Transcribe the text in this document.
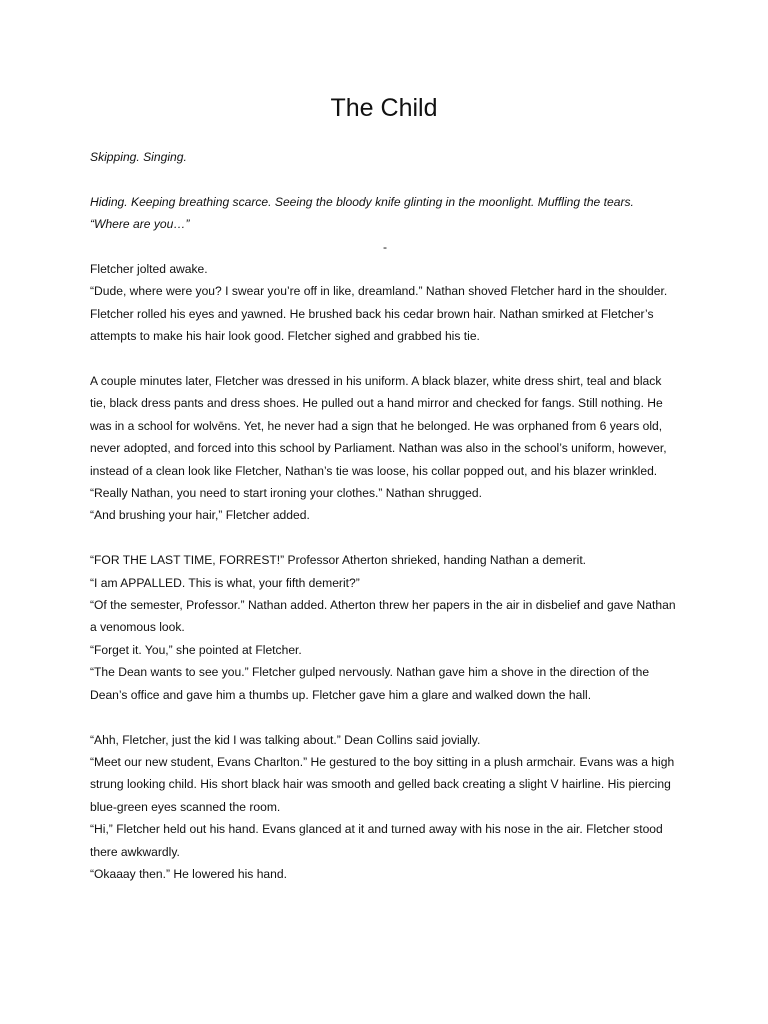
The Child

Skipping. Singing.

Hiding. Keeping breathing scarce. Seeing the bloody knife glinting in the moonlight. Muffling the tears.

“Where are you…”

-

Fletcher jolted awake.

“Dude, where were you? I swear you’re off in like, dreamland.” Nathan shoved Fletcher hard in the shoulder. Fletcher rolled his eyes and yawned. He brushed back his cedar brown hair. Nathan smirked at Fletcher’s attempts to make his hair look good. Fletcher sighed and grabbed his tie.

A couple minutes later, Fletcher was dressed in his uniform. A black blazer, white dress shirt, teal and black tie, black dress pants and dress shoes. He pulled out a hand mirror and checked for fangs. Still nothing. He was in a school for wolvēns. Yet, he never had a sign that he belonged. He was orphaned from 6 years old, never adopted, and forced into this school by Parliament. Nathan was also in the school’s uniform, however, instead of a clean look like Fletcher, Nathan’s tie was loose, his collar popped out, and his blazer wrinkled.

“Really Nathan, you need to start ironing your clothes.” Nathan shrugged.

“And brushing your hair,” Fletcher added.

“FOR THE LAST TIME, FORREST!” Professor Atherton shrieked, handing Nathan a demerit.

“I am APPALLED. This is what, your fifth demerit?”

“Of the semester, Professor.” Nathan added. Atherton threw her papers in the air in disbelief and gave Nathan a venomous look.

“Forget it. You,” she pointed at Fletcher.

“The Dean wants to see you.” Fletcher gulped nervously. Nathan gave him a shove in the direction of the Dean’s office and gave him a thumbs up. Fletcher gave him a glare and walked down the hall.

“Ahh, Fletcher, just the kid I was talking about.” Dean Collins said jovially.

“Meet our new student, Evans Charlton.” He gestured to the boy sitting in a plush armchair. Evans was a high strung looking child. His short black hair was smooth and gelled back creating a slight V hairline. His piercing blue-green eyes scanned the room.

“Hi,” Fletcher held out his hand. Evans glanced at it and turned away with his nose in the air. Fletcher stood there awkwardly.

“Okaaay then.” He lowered his hand.
